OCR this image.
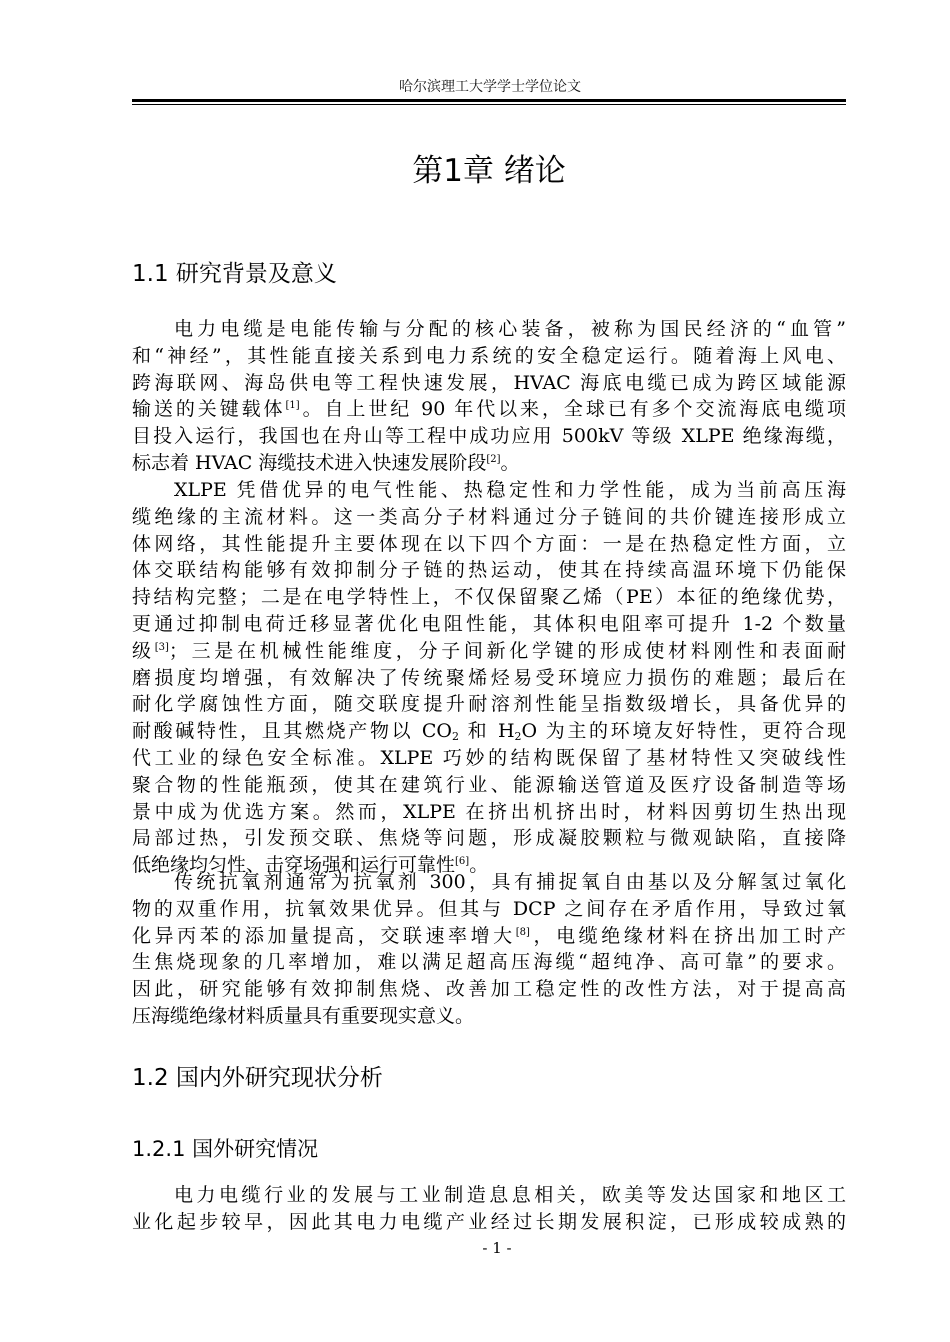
哈尔滨理工大学学士学位论文
第1章 绪论
1.1 研究背景及意义
电力电缆是电能传输与分配的核心装备，被称为国民经济的“血管”
和“神经”，其性能直接关系到电力系统的安全稳定运行。随着海上风电、
跨海联网、海岛供电等工程快速发展，HVAC 海底电缆已成为跨区域能源
输送的关键载体[1]。自上世纪 90 年代以来，全球已有多个交流海底电缆项
目投入运行，我国也在舟山等工程中成功应用 500kV 等级 XLPE 绝缘海缆，
标志着 HVAC 海缆技术进入快速发展阶段[2]。
XLPE 凭借优异的电气性能、热稳定性和力学性能，成为当前高压海
缆绝缘的主流材料。这一类高分子材料通过分子链间的共价键连接形成立
体网络，其性能提升主要体现在以下四个方面：一是在热稳定性方面，立
体交联结构能够有效抑制分子链的热运动，使其在持续高温环境下仍能保
持结构完整；二是在电学特性上，不仅保留聚乙烯（PE）本征的绝缘优势，
更通过抑制电荷迁移显著优化电阻性能，其体积电阻率可提升 1-2 个数量
级[3]；三是在机械性能维度，分子间新化学键的形成使材料刚性和表面耐
磨损度均增强，有效解决了传统聚烯烃易受环境应力损伤的难题；最后在
耐化学腐蚀性方面，随交联度提升耐溶剂性能呈指数级增长，具备优异的
耐酸碱特性，且其燃烧产物以 $CO_2$ 和 $H_2O$ 为主的环境友好特性，更符合现
代工业的绿色安全标准。XLPE 巧妙的结构既保留了基材特性又突破线性
聚合物的性能瓶颈，使其在建筑行业、能源输送管道及医疗设备制造等场
景中成为优选方案。然而，XLPE 在挤出机挤出时，材料因剪切生热出现
局部过热，引发预交联、焦烧等问题，形成凝胶颗粒与微观缺陷，直接降
低绝缘均匀性、击穿场强和运行可靠性[6]。
传统抗氧剂通常为抗氧剂 300，具有捕捉氧自由基以及分解氢过氧化
物的双重作用，抗氧效果优异。但其与 DCP 之间存在矛盾作用，导致过氧
化异丙苯的添加量提高，交联速率增大[8]，电缆绝缘材料在挤出加工时产
生焦烧现象的几率增加，难以满足超高压海缆“超纯净、高可靠”的要求。
因此，研究能够有效抑制焦烧、改善加工稳定性的改性方法，对于提高高
压海缆绝缘材料质量具有重要现实意义。
1.2 国内外研究现状分析
1.2.1 国外研究情况
电力电缆行业的发展与工业制造息息相关，欧美等发达国家和地区工
业化起步较早，因此其电力电缆产业经过长期发展积淀，已形成较成熟的
- 1 -
